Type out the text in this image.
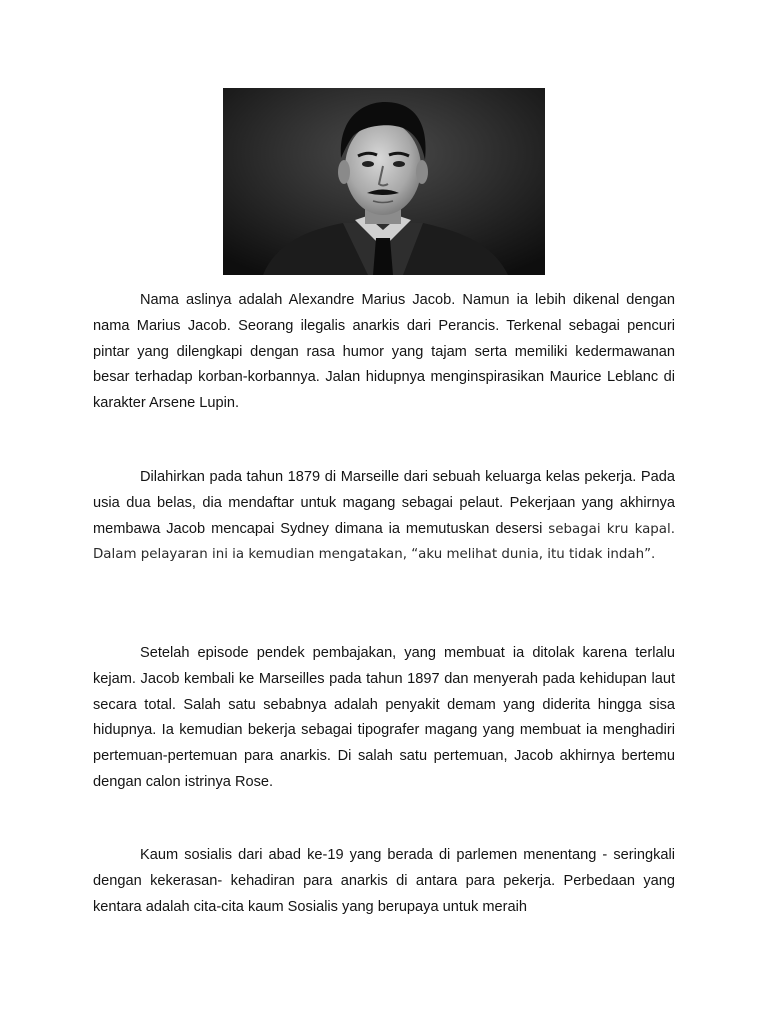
Nama aslinya adalah Alexandre Marius Jacob. Namun ia lebih dikenal dengan nama Marius Jacob. Seorang ilegalis anarkis dari Perancis. Terkenal sebagai pencuri pintar yang dilengkapi dengan rasa humor yang tajam serta memiliki kedermawanan besar terhadap korban-korbannya. Jalan hidupnya menginspirasikan Maurice Leblanc di karakter Arsene Lupin.

Dilahirkan pada tahun 1879 di Marseille dari sebuah keluarga kelas pekerja. Pada usia dua belas, dia mendaftar untuk magang sebagai pelaut. Pekerjaan yang akhirnya membawa Jacob mencapai Sydney dimana ia memutuskan desersi sebagai kru kapal. Dalam pelayaran ini ia kemudian mengatakan, “aku melihat dunia, itu tidak indah”.

Setelah episode pendek pembajakan, yang membuat ia ditolak karena terlalu kejam. Jacob kembali ke Marseilles pada tahun 1897 dan menyerah pada kehidupan laut secara total. Salah satu sebabnya adalah penyakit demam yang diderita hingga sisa hidupnya. Ia kemudian bekerja sebagai tipografer magang yang membuat ia menghadiri pertemuan-pertemuan para anarkis. Di salah satu pertemuan, Jacob akhirnya bertemu dengan calon istrinya Rose.

Kaum sosialis dari abad ke-19 yang berada di parlemen menentang - seringkali dengan kekerasan- kehadiran para anarkis di antara para pekerja. Perbedaan yang kentara adalah cita-cita kaum Sosialis yang berupaya untuk meraih
